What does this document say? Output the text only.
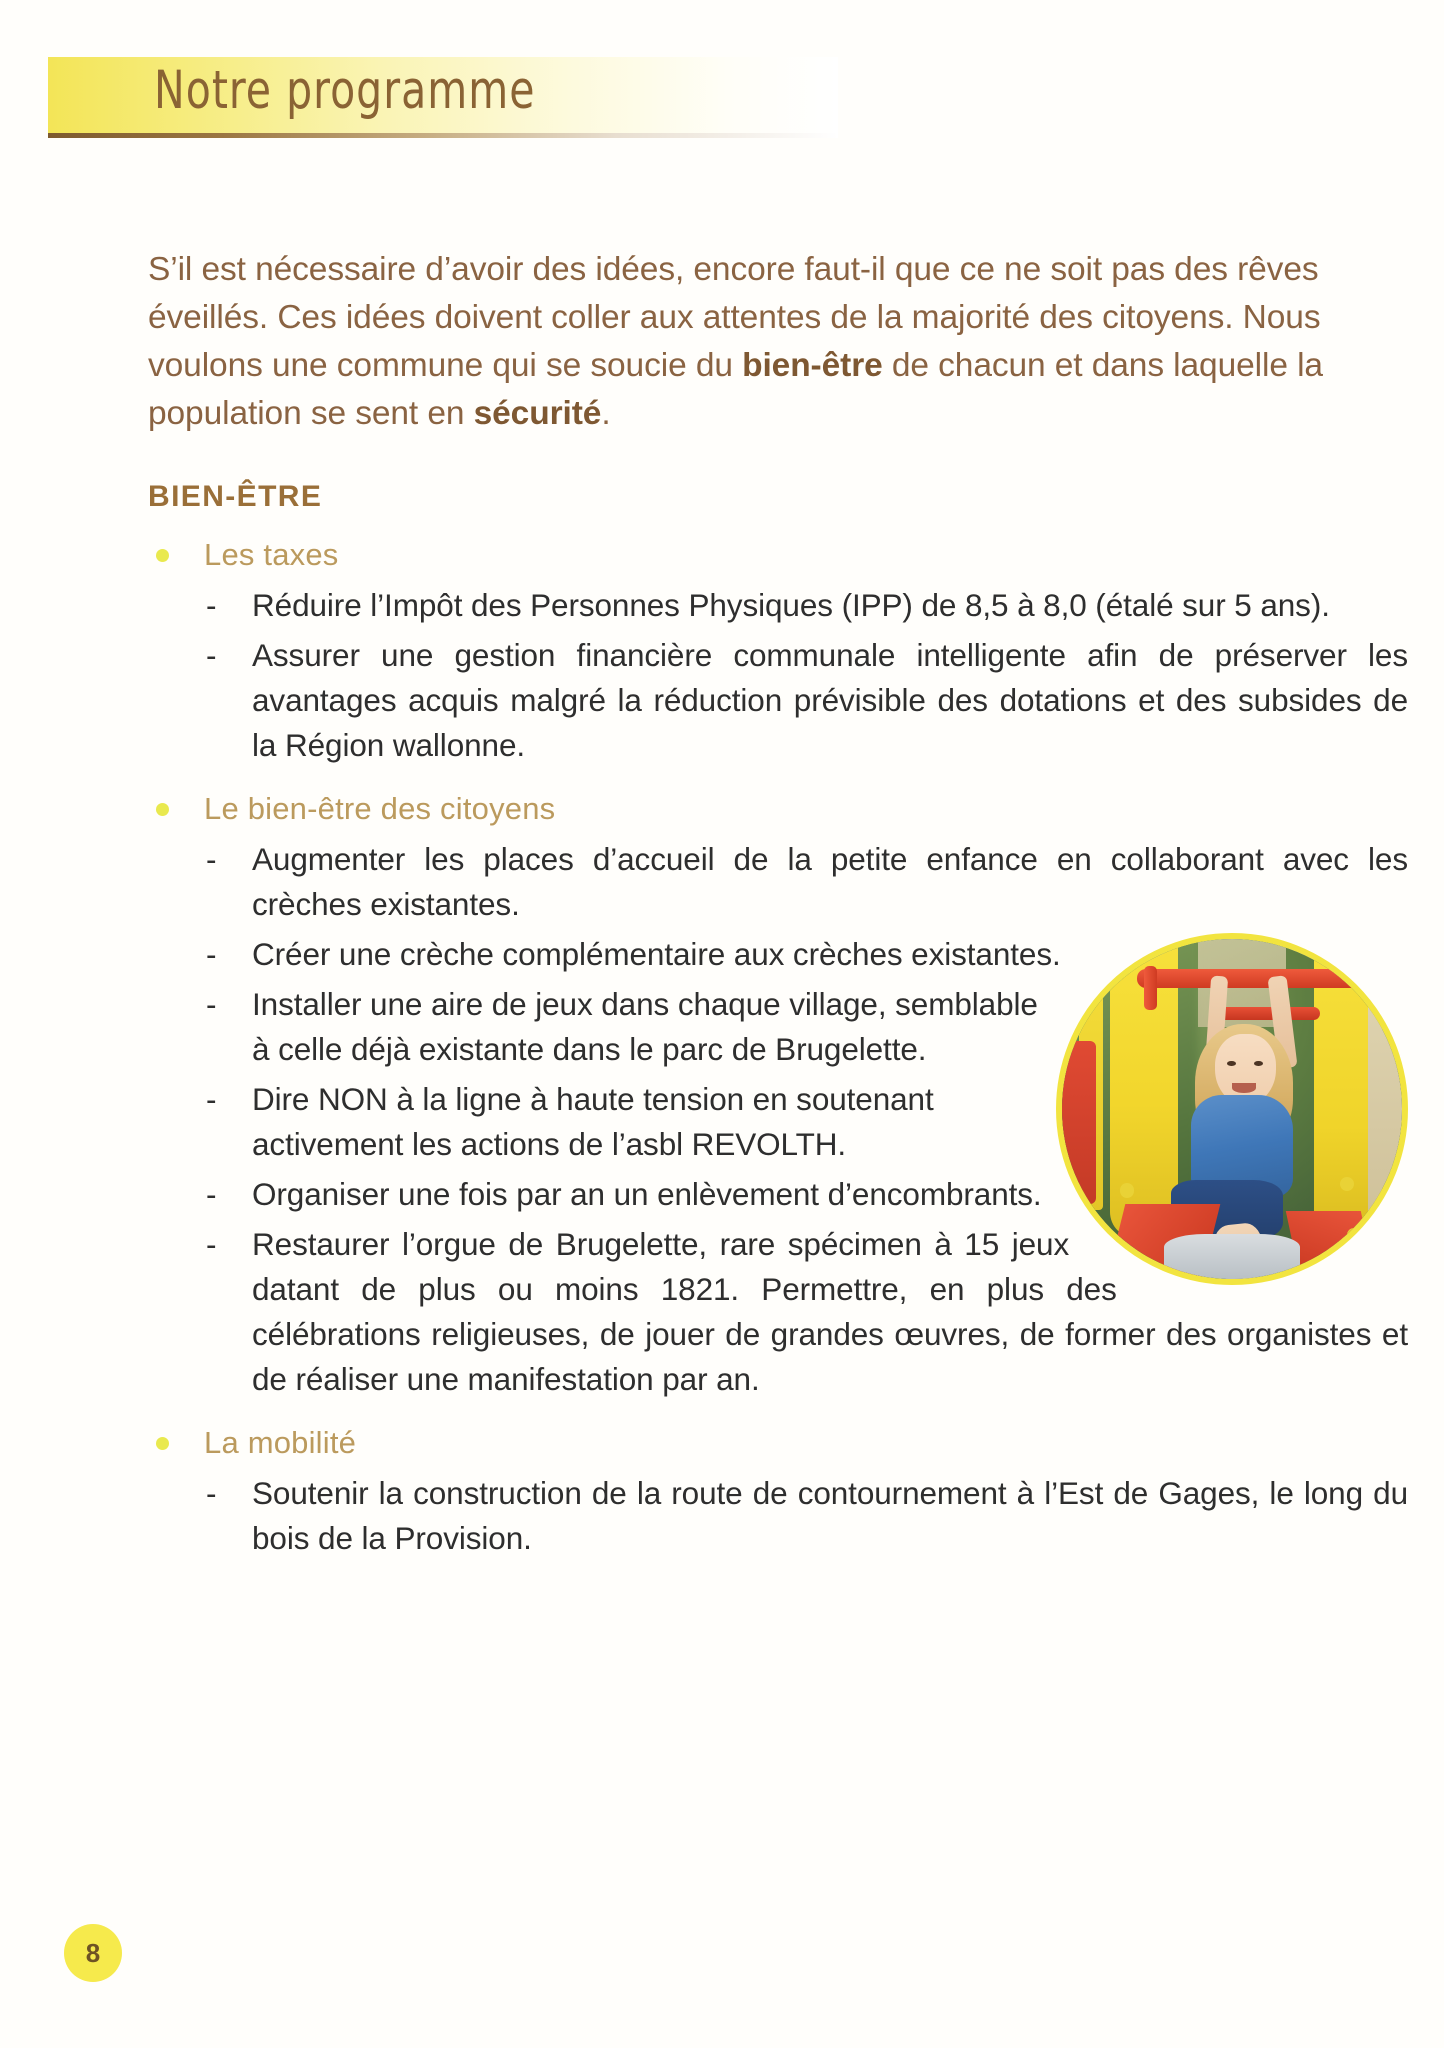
Notre programme

S’il est nécessaire d’avoir des idées, encore faut-il que ce ne soit pas des rêves éveillés. Ces idées doivent coller aux attentes de la majorité des citoyens. Nous voulons une commune qui se soucie du bien-être de chacun et dans laquelle la population se sent en sécurité.

BIEN-ÊTRE
Les taxes
- Réduire l’Impôt des Personnes Physiques (IPP) de 8,5 à 8,0 (étalé sur 5 ans).
- Assurer une gestion financière communale intelligente afin de préserver les avantages acquis malgré la réduction prévisible des dotations et des subsides de la Région wallonne.
Le bien-être des citoyens
- Augmenter les places d’accueil de la petite enfance en collaborant avec les crèches existantes.
- Créer une crèche complémentaire aux crèches existantes.
- Installer une aire de jeux dans chaque village, semblable à celle déjà existante dans le parc de Brugelette.
- Dire NON à la ligne à haute tension en soutenant activement les actions de l’asbl REVOLTH.
- Organiser une fois par an un enlèvement d’encombrants.
- Restaurer l’orgue de Brugelette, rare spécimen à 15 jeux datant de plus ou moins 1821. Permettre, en plus des célébrations religieuses, de jouer de grandes œuvres, de former des organistes et de réaliser une manifestation par an.
La mobilité
- Soutenir la construction de la route de contournement à l’Est de Gages, le long du bois de la Provision.
8
